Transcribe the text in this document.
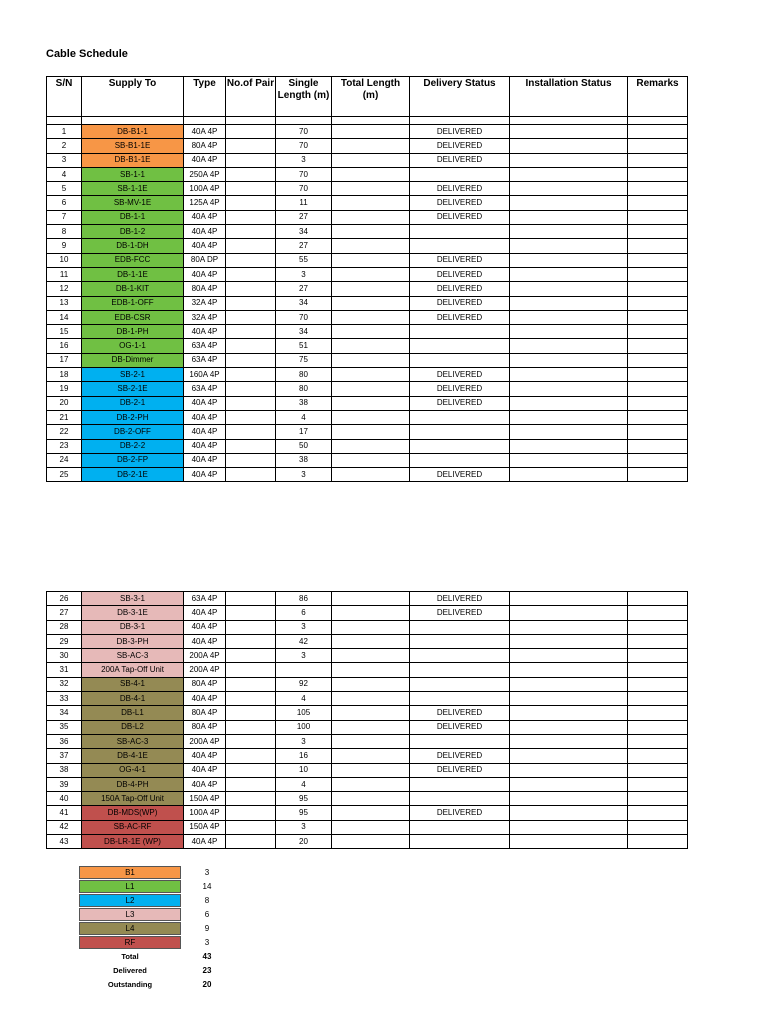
Cable Schedule
S/N	Supply To	Type	No.of Pair	Single Length (m)	Total Length (m)	Delivery Status	Installation Status	Remarks

1	DB-B1-1	40A 4P		70		DELIVERED		
2	SB-B1-1E	80A 4P		70		DELIVERED		
3	DB-B1-1E	40A 4P		3		DELIVERED		
4	SB-1-1	250A 4P		70				
5	SB-1-1E	100A 4P		70		DELIVERED		
6	SB-MV-1E	125A 4P		11		DELIVERED		
7	DB-1-1	40A 4P		27		DELIVERED		
8	DB-1-2	40A 4P		34				
9	DB-1-DH	40A 4P		27				
10	EDB-FCC	80A DP		55		DELIVERED		
11	DB-1-1E	40A 4P		3		DELIVERED		
12	DB-1-KIT	80A 4P		27		DELIVERED		
13	EDB-1-OFF	32A 4P		34		DELIVERED		
14	EDB-CSR	32A 4P		70		DELIVERED		
15	DB-1-PH	40A 4P		34				
16	OG-1-1	63A 4P		51				
17	DB-Dimmer	63A 4P		75				
18	SB-2-1	160A 4P		80		DELIVERED		
19	SB-2-1E	63A 4P		80		DELIVERED		
20	DB-2-1	40A 4P		38		DELIVERED		
21	DB-2-PH	40A 4P		4				
22	DB-2-OFF	40A 4P		17				
23	DB-2-2	40A 4P		50				
24	DB-2-FP	40A 4P		38				
25	DB-2-1E	40A 4P		3		DELIVERED		
26	SB-3-1	63A 4P		86		DELIVERED		
27	DB-3-1E	40A 4P		6		DELIVERED		
28	DB-3-1	40A 4P		3				
29	DB-3-PH	40A 4P		42				
30	SB-AC-3	200A 4P		3				
31	200A Tap-Off Unit	200A 4P						
32	SB-4-1	80A 4P		92				
33	DB-4-1	40A 4P		4				
34	DB-L1	80A 4P		105		DELIVERED		
35	DB-L2	80A 4P		100		DELIVERED		
36	SB-AC-3	200A 4P		3				
37	DB-4-1E	40A 4P		16		DELIVERED		
38	OG-4-1	40A 4P		10		DELIVERED		
39	DB-4-PH	40A 4P		4				
40	150A Tap-Off Unit	150A 4P		95				
41	DB-MDS(WP)	100A 4P		95		DELIVERED		
42	SB-AC-RF	150A 4P		3				
43	DB-LR-1E (WP)	40A 4P		20				
B1	3
L1	14
L2	8
L3	6
L4	9
RF	3
Total	43
Delivered	23
Outstanding	20
